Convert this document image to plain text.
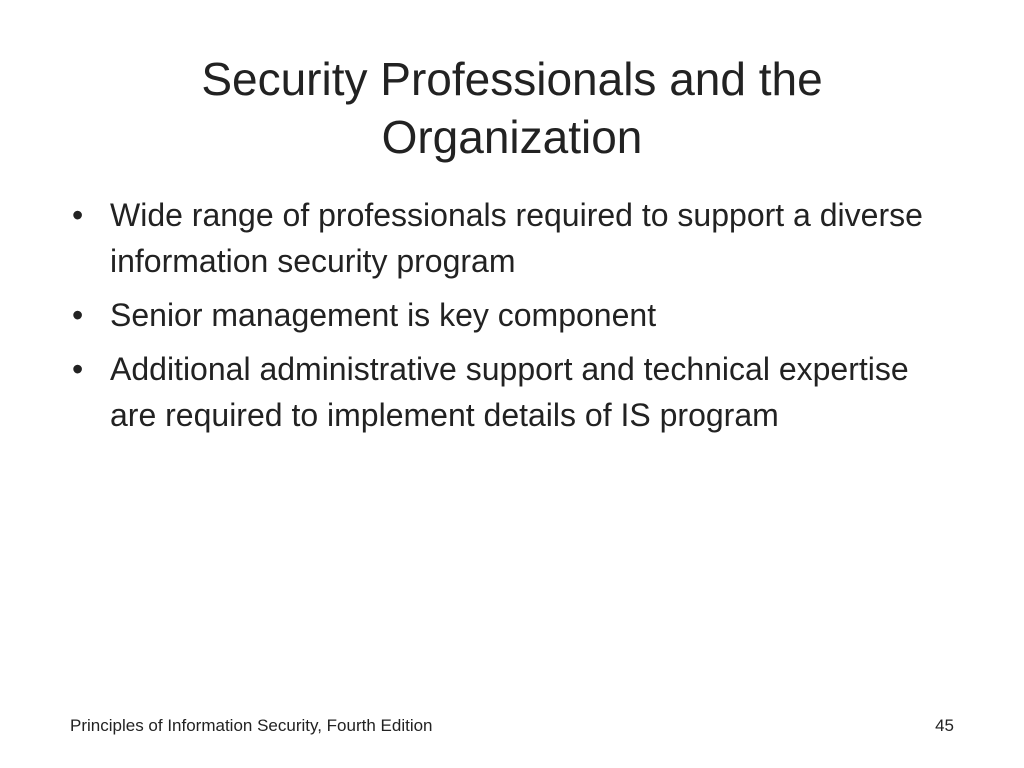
Security Professionals and the
Organization
• Wide range of professionals required to support a diverse information security program
• Senior management is key component
• Additional administrative support and technical expertise are required to implement details of IS program
Principles of Information Security, Fourth Edition	45
